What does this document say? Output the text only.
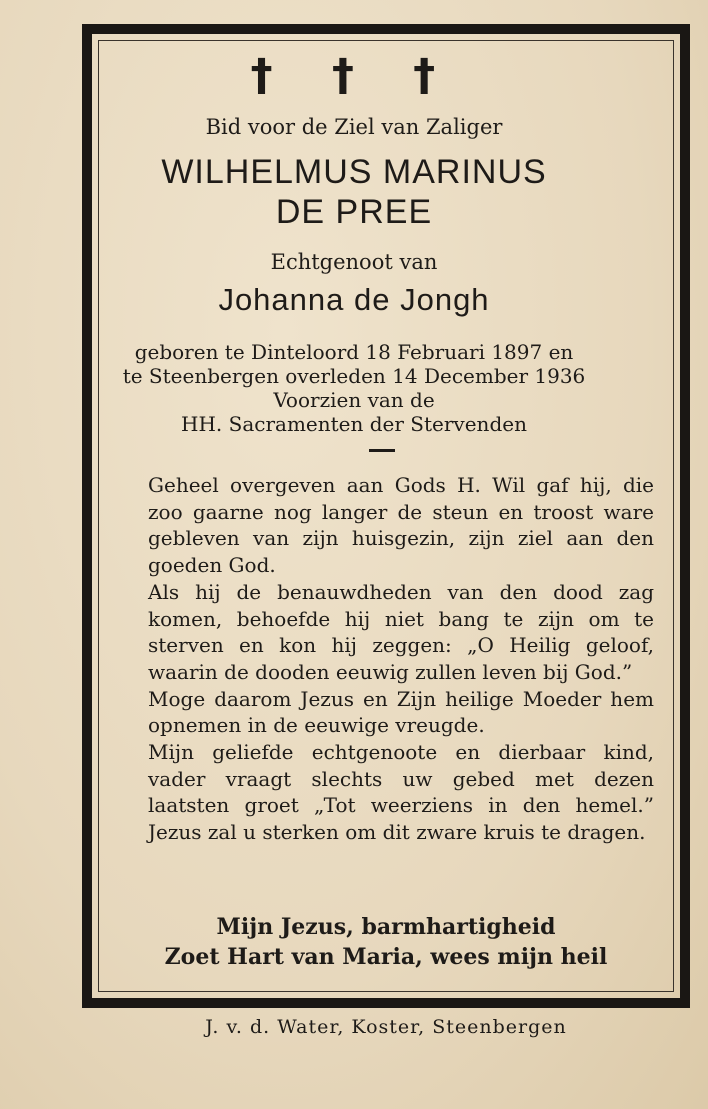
† † †
Bid voor de Ziel van Zaliger
WILHELMUS MARINUS
DE PREE
Echtgenoot van
Johanna de Jongh
geboren te Dinteloord 18 Februari 1897 en
te Steenbergen overleden 14 December 1936
Voorzien van de
HH. Sacramenten der Stervenden

Geheel overgeven aan Gods H. Wil gaf hij, die zoo gaarne nog langer de steun en troost ware gebleven van zijn huisgezin, zijn ziel aan den goeden God.

Als hij de benauwdheden van den dood zag komen, behoefde hij niet bang te zijn om te sterven en kon hij zeggen: „O Heilig geloof, waarin de dooden eeuwig zullen leven bij God.”

Moge daarom Jezus en Zijn heilige Moeder hem opnemen in de eeuwige vreugde.

Mijn geliefde echtgenoote en dierbaar kind, vader vraagt slechts uw gebed met dezen laatsten groet „Tot weerziens in den hemel.” Jezus zal u sterken om dit zware kruis te dragen.

Mijn Jezus, barmhartigheid
Zoet Hart van Maria, wees mijn heil
J. v. d. Water, Koster, Steenbergen
